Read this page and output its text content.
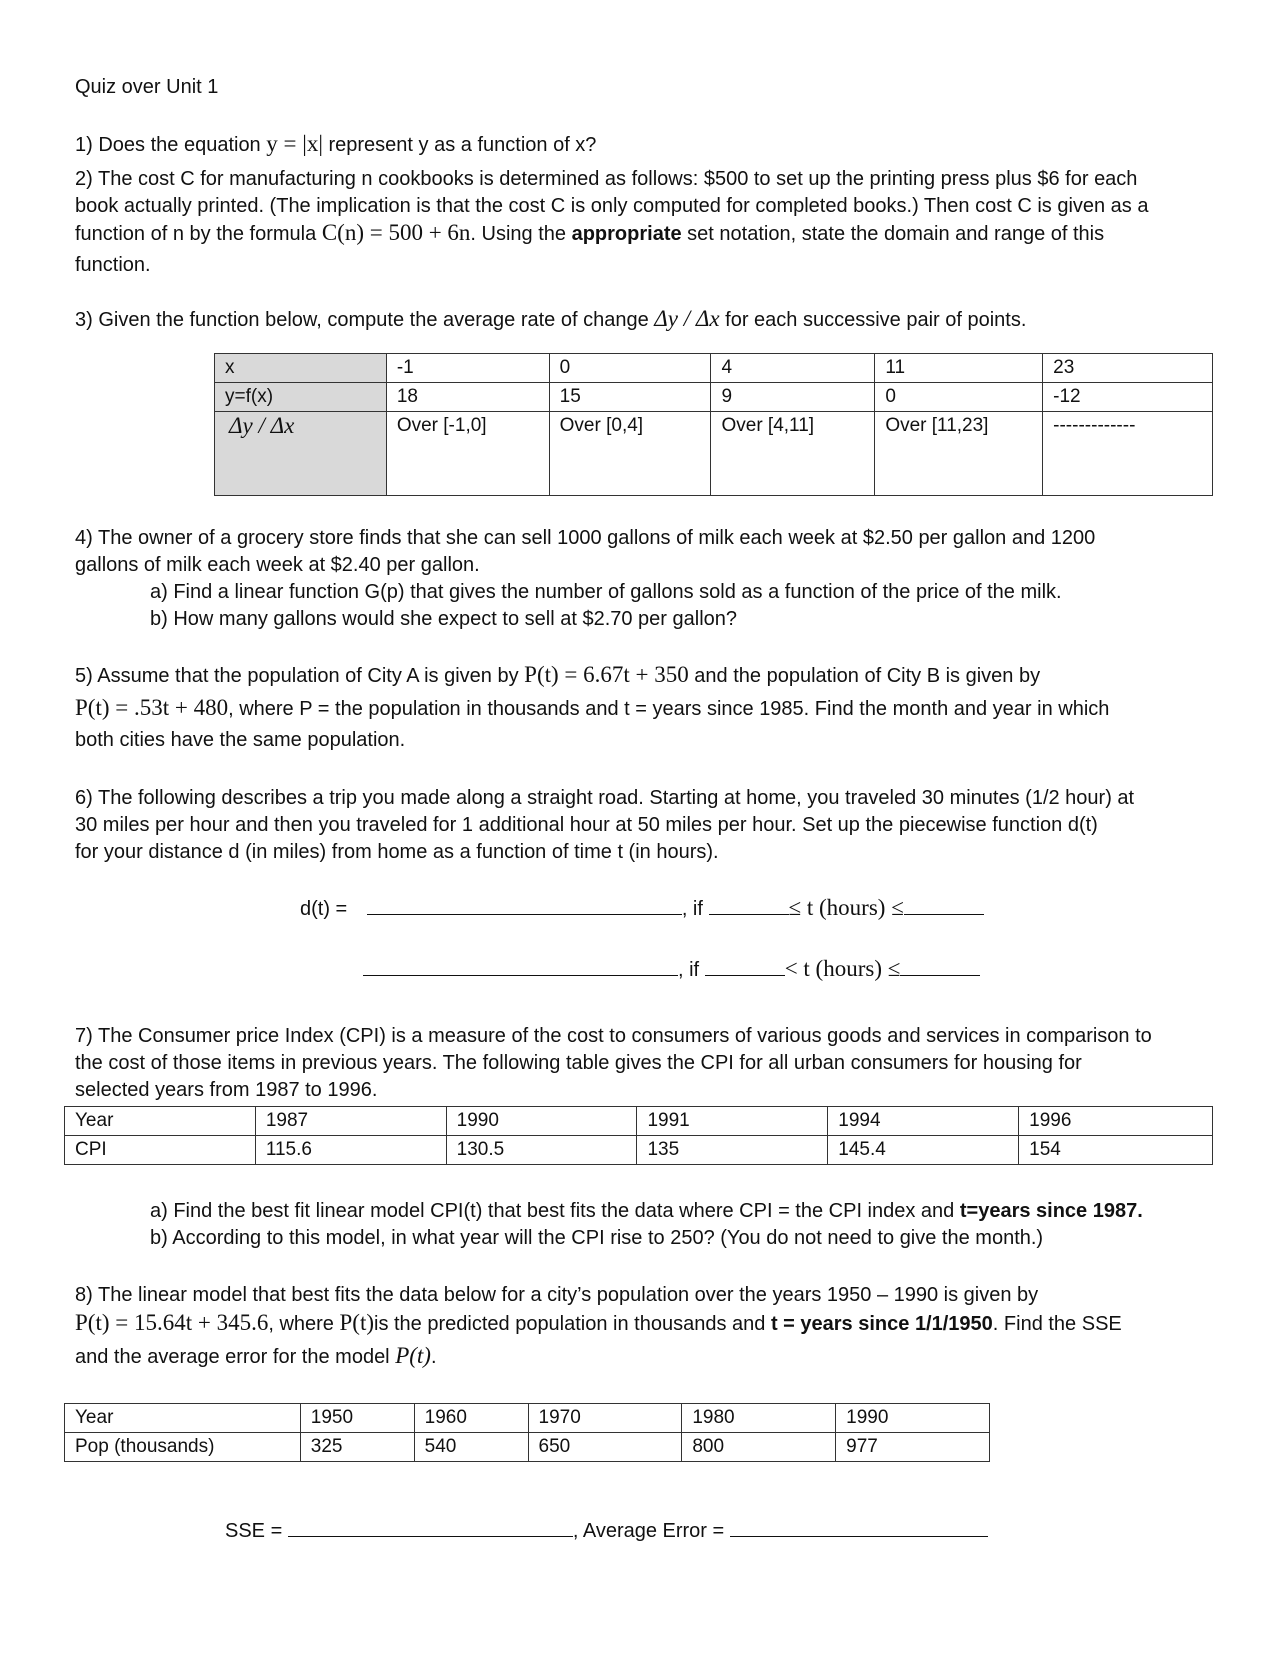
Quiz over Unit 1
1) Does the equation y = |x| represent y as a function of x?
2) The cost C for manufacturing n cookbooks is determined as follows: $500 to set up the printing press plus $6 for each
book actually printed. (The implication is that the cost C is only computed for completed books.) Then cost C is given as a
function of n by the formula C(n) = 500 + 6n. Using the appropriate set notation, state the domain and range of this
function.
3) Given the function below, compute the average rate of change Δy / Δx for each successive pair of points.
x	-1	0	4	11	23
y=f(x)	18	15	9	0	-12
Δy / Δx	Over [-1,0]	Over [0,4]	Over [4,11]	Over [11,23]	-------------
4) The owner of a grocery store finds that she can sell 1000 gallons of milk each week at $2.50 per gallon and 1200
gallons of milk each week at $2.40 per gallon.
a) Find a linear function G(p) that gives the number of gallons sold as a function of the price of the milk.
b) How many gallons would she expect to sell at $2.70 per gallon?
5) Assume that the population of City A is given by P(t) = 6.67t + 350 and the population of City B is given by
P(t) = .53t + 480, where P = the population in thousands and t = years since 1985. Find the month and year in which
both cities have the same population.
6) The following describes a trip you made along a straight road. Starting at home, you traveled 30 minutes (1/2 hour) at
30 miles per hour and then you traveled for 1 additional hour at 50 miles per hour. Set up the piecewise function d(t)
for your distance d (in miles) from home as a function of time t (in hours).
d(t) =	, if	≤ t (hours) ≤
, if	< t (hours) ≤
7) The Consumer price Index (CPI) is a measure of the cost to consumers of various goods and services in comparison to
the cost of those items in previous years. The following table gives the CPI for all urban consumers for housing for
selected years from 1987 to 1996.
Year	1987	1990	1991	1994	1996
CPI	115.6	130.5	135	145.4	154
a) Find the best fit linear model CPI(t) that best fits the data where CPI = the CPI index and t=years since 1987.
b) According to this model, in what year will the CPI rise to 250? (You do not need to give the month.)
8) The linear model that best fits the data below for a city’s population over the years 1950 – 1990 is given by
P(t) = 15.64t + 345.6, where P(t)is the predicted population in thousands and t = years since 1/1/1950. Find the SSE
and the average error for the model P(t).
Year	1950	1960	1970	1980	1990
Pop (thousands)	325	540	650	800	977
SSE =	, Average Error =
